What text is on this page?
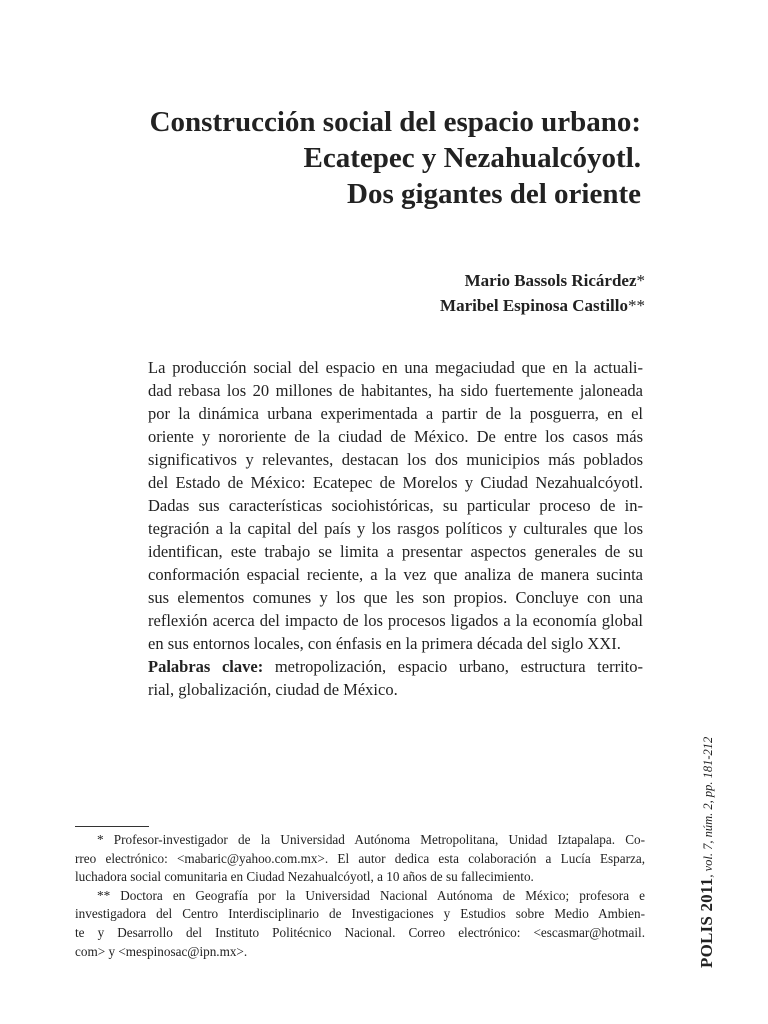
Construcción social del espacio urbano:
Ecatepec y Nezahualcóyotl.
Dos gigantes del oriente
Mario Bassols Ricárdez*
Maribel Espinosa Castillo**
La producción social del espacio en una megaciudad que en la actuali-
dad rebasa los 20 millones de habitantes, ha sido fuertemente jaloneada
por la dinámica urbana experimentada a partir de la posguerra, en el
oriente y nororiente de la ciudad de México. De entre los casos más
significativos y relevantes, destacan los dos municipios más poblados
del Estado de México: Ecatepec de Morelos y Ciudad Nezahualcóyotl.
Dadas sus características sociohistóricas, su particular proceso de in-
tegración a la capital del país y los rasgos políticos y culturales que los
identifican, este trabajo se limita a presentar aspectos generales de su
conformación espacial reciente, a la vez que analiza de manera sucinta
sus elementos comunes y los que les son propios. Concluye con una
reflexión acerca del impacto de los procesos ligados a la economía global
en sus entornos locales, con énfasis en la primera década del siglo XXI.
Palabras clave: metropolización, espacio urbano, estructura territo-
rial, globalización, ciudad de México.
* Profesor-investigador de la Universidad Autónoma Metropolitana, Unidad Iztapalapa. Co-
rreo electrónico: <mabaric@yahoo.com.mx>. El autor dedica esta colaboración a Lucía Esparza,
luchadora social comunitaria en Ciudad Nezahualcóyotl, a 10 años de su fallecimiento.
** Doctora en Geografía por la Universidad Nacional Autónoma de México; profesora e
investigadora del Centro Interdisciplinario de Investigaciones y Estudios sobre Medio Ambien-
te y Desarrollo del Instituto Politécnico Nacional. Correo electrónico: <escasmar@hotmail.
com> y <mespinosac@ipn.mx>.	POLIS 2011, vol. 7, núm. 2, pp. 181-212
